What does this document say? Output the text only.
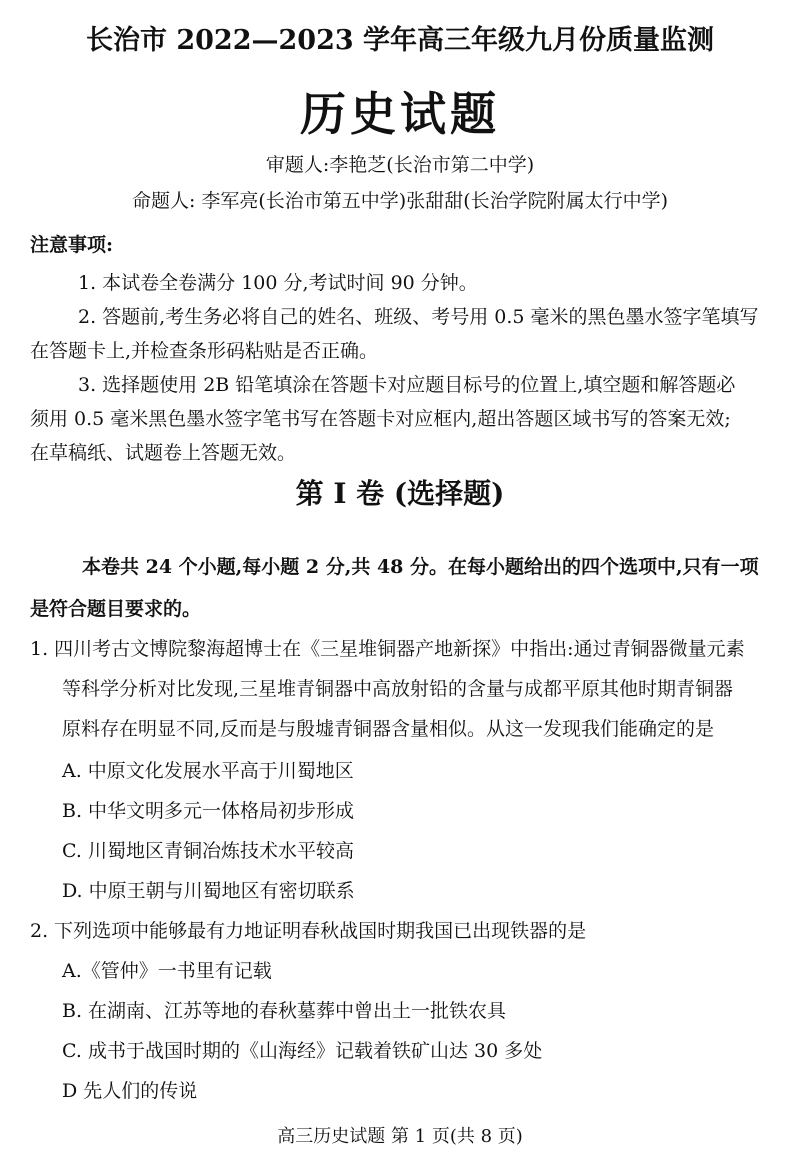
长治市 2022—2023 学年高三年级九月份质量监测
历史试题
审题人:李艳芝(长治市第二中学)
命题人: 李军亮(长治市第五中学)张甜甜(长治学院附属太行中学)
注意事项:
1. 本试卷全卷满分 100 分,考试时间 90 分钟。
2. 答题前,考生务必将自己的姓名、班级、考号用 0.5 毫米的黑色墨水签字笔填写
在答题卡上,并检查条形码粘贴是否正确。
3. 选择题使用 2B 铅笔填涂在答题卡对应题目标号的位置上,填空题和解答题必
须用 0.5 毫米黑色墨水签字笔书写在答题卡对应框内,超出答题区域书写的答案无效;
在草稿纸、试题卷上答题无效。
第 I 卷 (选择题)
本卷共 24 个小题,每小题 2 分,共 48 分。在每小题给出的四个选项中,只有一项
是符合题目要求的。
1. 四川考古文博院黎海超博士在《三星堆铜器产地新探》中指出:通过青铜器微量元素
等科学分析对比发现,三星堆青铜器中高放射铅的含量与成都平原其他时期青铜器
原料存在明显不同,反而是与殷墟青铜器含量相似。从这一发现我们能确定的是
A. 中原文化发展水平高于川蜀地区
B. 中华文明多元一体格局初步形成
C. 川蜀地区青铜冶炼技术水平较高
D. 中原王朝与川蜀地区有密切联系
2. 下列选项中能够最有力地证明春秋战国时期我国已出现铁器的是
A.《管仲》一书里有记载
B. 在湖南、江苏等地的春秋墓葬中曾出土一批铁农具
C. 成书于战国时期的《山海经》记载着铁矿山达 30 多处
D 先人们的传说
高三历史试题 第 1 页(共 8 页)
